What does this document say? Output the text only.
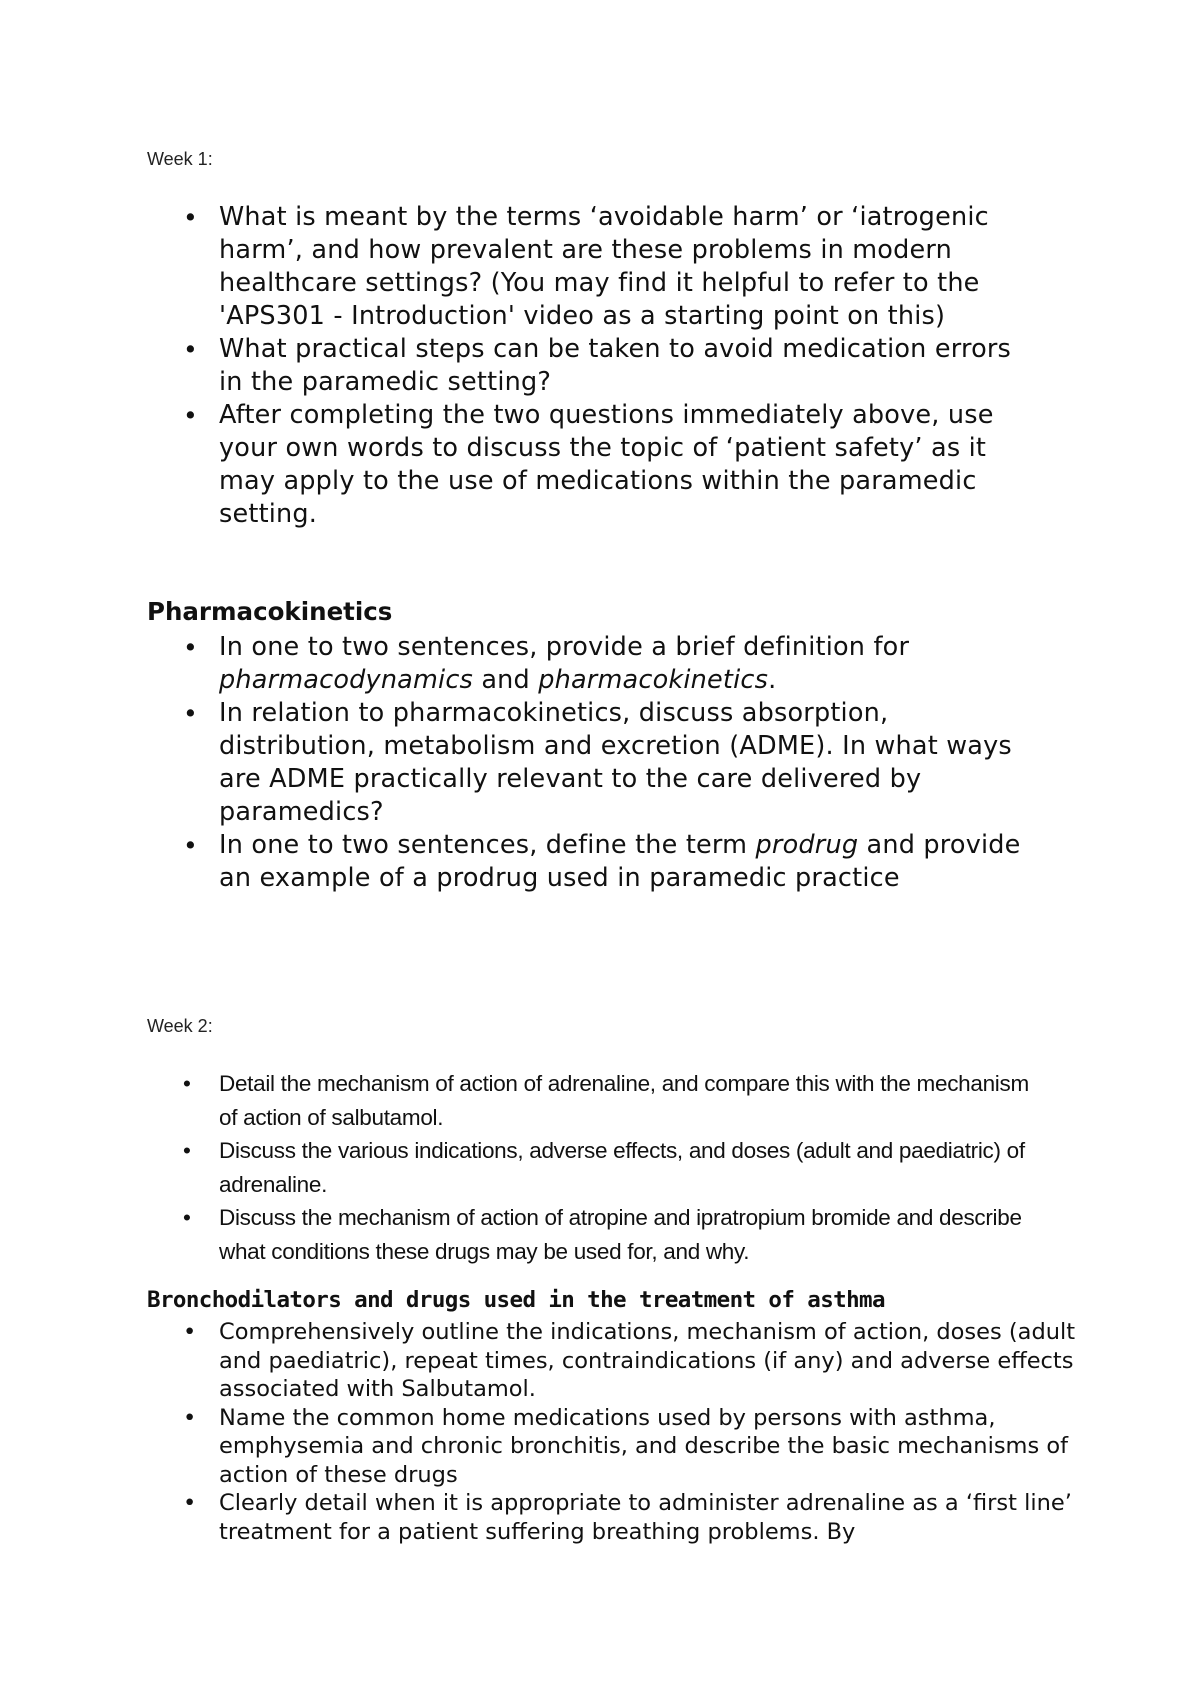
Week 1:
• What is meant by the terms ‘avoidable harm’ or ‘iatrogenic harm’, and how prevalent are these problems in modern healthcare settings? (You may find it helpful to refer to the 'APS301 - Introduction' video as a starting point on this)
• What practical steps can be taken to avoid medication errors in the paramedic setting?
• After completing the two questions immediately above, use your own words to discuss the topic of ‘patient safety’ as it may apply to the use of medications within the paramedic setting.
Pharmacokinetics
• In one to two sentences, provide a brief definition for pharmacodynamics and pharmacokinetics.
• In relation to pharmacokinetics, discuss absorption, distribution, metabolism and excretion (ADME). In what ways are ADME practically relevant to the care delivered by paramedics?
• In one to two sentences, define the term prodrug and provide an example of a prodrug used in paramedic practice
Week 2:
• Detail the mechanism of action of adrenaline, and compare this with the mechanism of action of salbutamol.
• Discuss the various indications, adverse effects, and doses (adult and paediatric) of adrenaline.
• Discuss the mechanism of action of atropine and ipratropium bromide and describe what conditions these drugs may be used for, and why.
Bronchodilators and drugs used in the treatment of asthma
• Comprehensively outline the indications, mechanism of action, doses (adult and paediatric), repeat times, contraindications (if any) and adverse effects associated with Salbutamol.
• Name the common home medications used by persons with asthma, emphysemia and chronic bronchitis, and describe the basic mechanisms of action of these drugs
• Clearly detail when it is appropriate to administer adrenaline as a ‘first line’ treatment for a patient suffering breathing problems. By
